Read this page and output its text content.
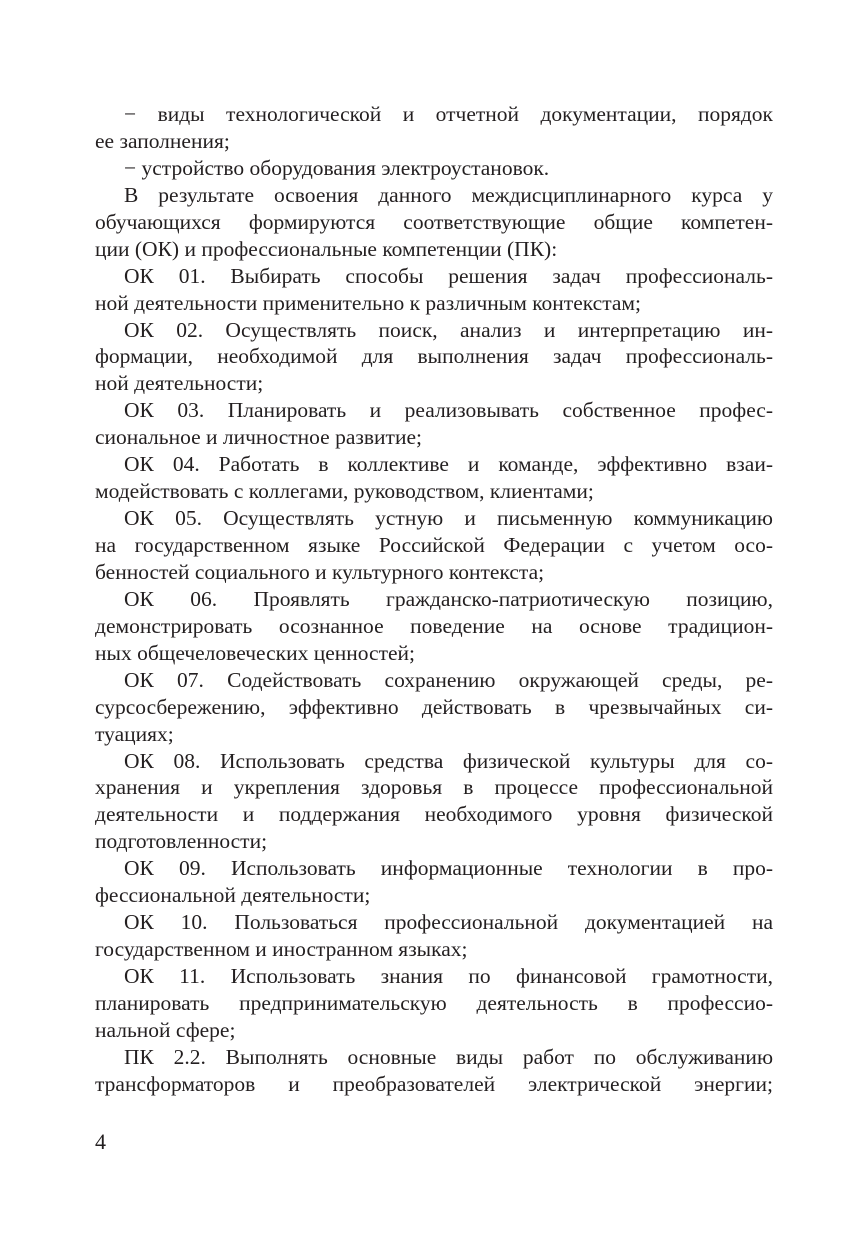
− виды технологической и отчетной документации, порядок
ее заполнения;
− устройство оборудования электроустановок.
В результате освоения данного междисциплинарного курса у
обучающихся формируются соответствующие общие компетен-
ции (ОК) и профессиональные компетенции (ПК):
ОК 01. Выбирать способы решения задач профессиональ-
ной деятельности применительно к различным контекстам;
ОК 02. Осуществлять поиск, анализ и интерпретацию ин-
формации, необходимой для выполнения задач профессиональ-
ной деятельности;
ОК 03. Планировать и реализовывать собственное профес-
сиональное и личностное развитие;
ОК 04. Работать в коллективе и команде, эффективно взаи-
модействовать с коллегами, руководством, клиентами;
ОК 05. Осуществлять устную и письменную коммуникацию
на государственном языке Российской Федерации с учетом осо-
бенностей социального и культурного контекста;
ОК 06. Проявлять гражданско-патриотическую позицию,
демонстрировать осознанное поведение на основе традицион-
ных общечеловеческих ценностей;
ОК 07. Содействовать сохранению окружающей среды, ре-
сурсосбережению, эффективно действовать в чрезвычайных си-
туациях;
ОК 08. Использовать средства физической культуры для со-
хранения и укрепления здоровья в процессе профессиональной
деятельности и поддержания необходимого уровня физической
подготовленности;
ОК 09. Использовать информационные технологии в про-
фессиональной деятельности;
ОК 10. Пользоваться профессиональной документацией на
государственном и иностранном языках;
ОК 11. Использовать знания по финансовой грамотности,
планировать предпринимательскую деятельность в профессио-
нальной сфере;
ПК 2.2. Выполнять основные виды работ по обслуживанию
трансформаторов и преобразователей электрической энергии;
4
